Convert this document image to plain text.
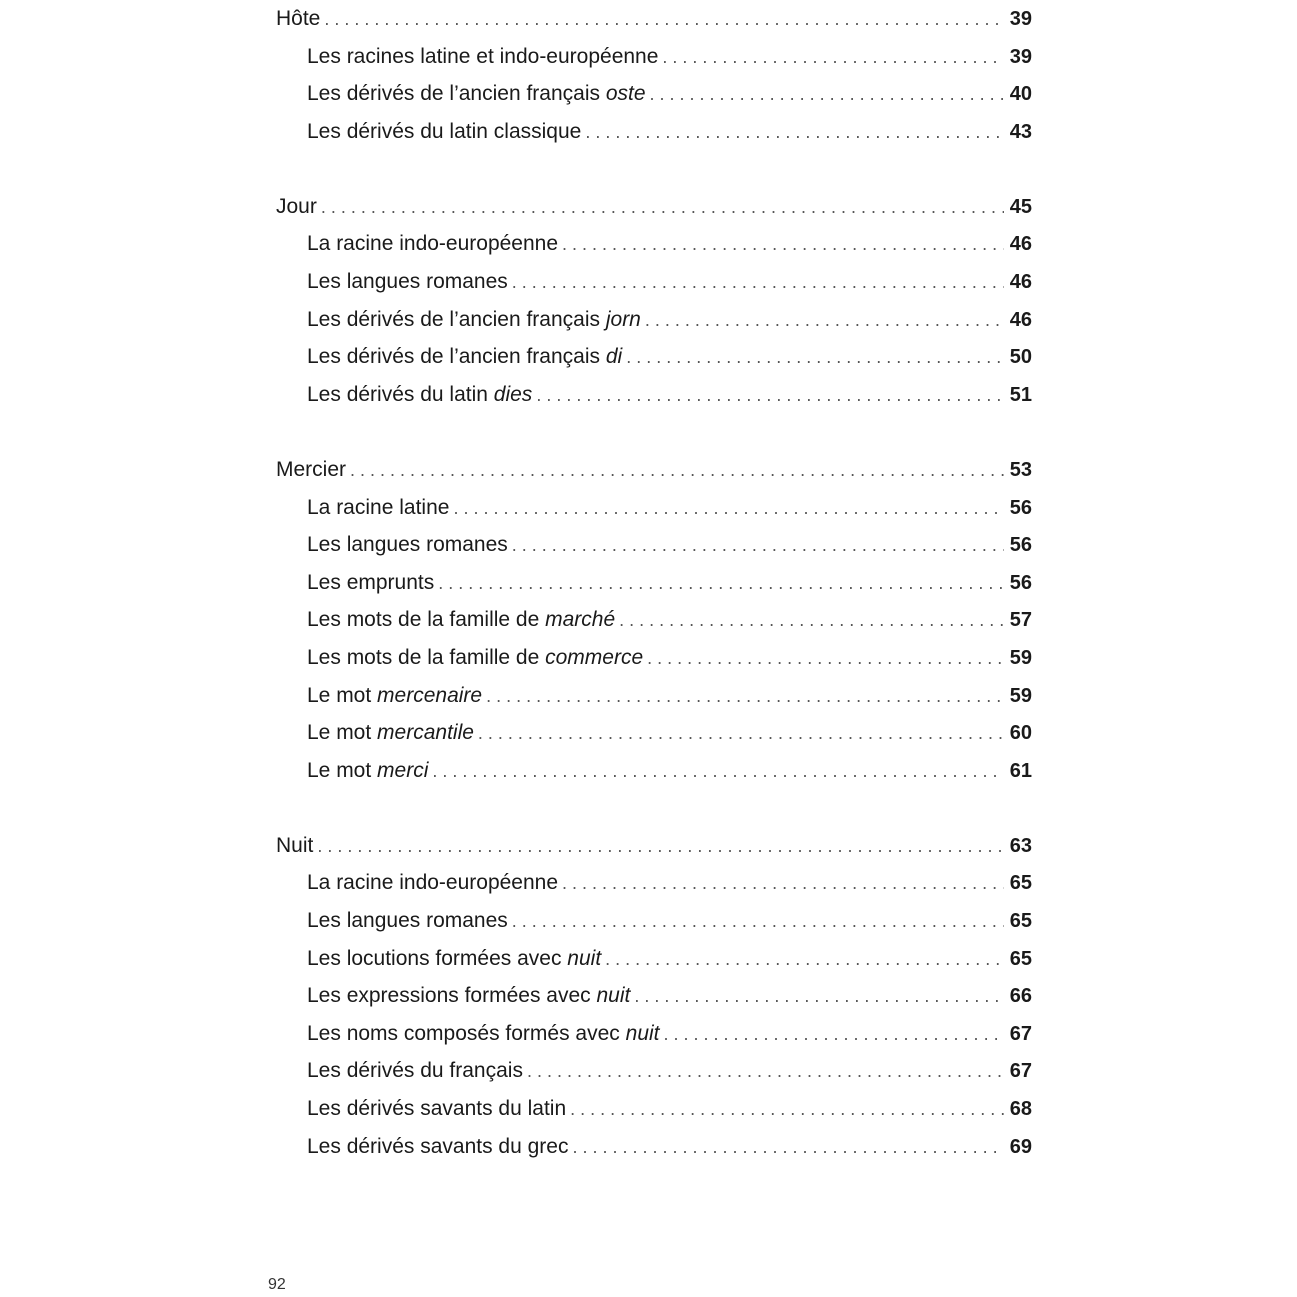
Hôte . . .	39
Les racines latine et indo-européenne . . .	39
Les dérivés de l’ancien français oste . . .	40
Les dérivés du latin classique . . .	43
Jour . . .	45
La racine indo-européenne . . .	46
Les langues romanes . . .	46
Les dérivés de l’ancien français jorn . . .	46
Les dérivés de l’ancien français di . . .	50
Les dérivés du latin dies . . .	51
Mercier . . .	53
La racine latine . . .	56
Les langues romanes . . .	56
Les emprunts . . .	56
Les mots de la famille de marché . . .	57
Les mots de la famille de commerce . . .	59
Le mot mercenaire . . .	59
Le mot mercantile . . .	60
Le mot merci . . .	61
Nuit . . .	63
La racine indo-européenne . . .	65
Les langues romanes . . .	65
Les locutions formées avec nuit . . .	65
Les expressions formées avec nuit . . .	66
Les noms composés formés avec nuit . . .	67
Les dérivés du français . . .	67
Les dérivés savants du latin . . .	68
Les dérivés savants du grec . . .	69
92
